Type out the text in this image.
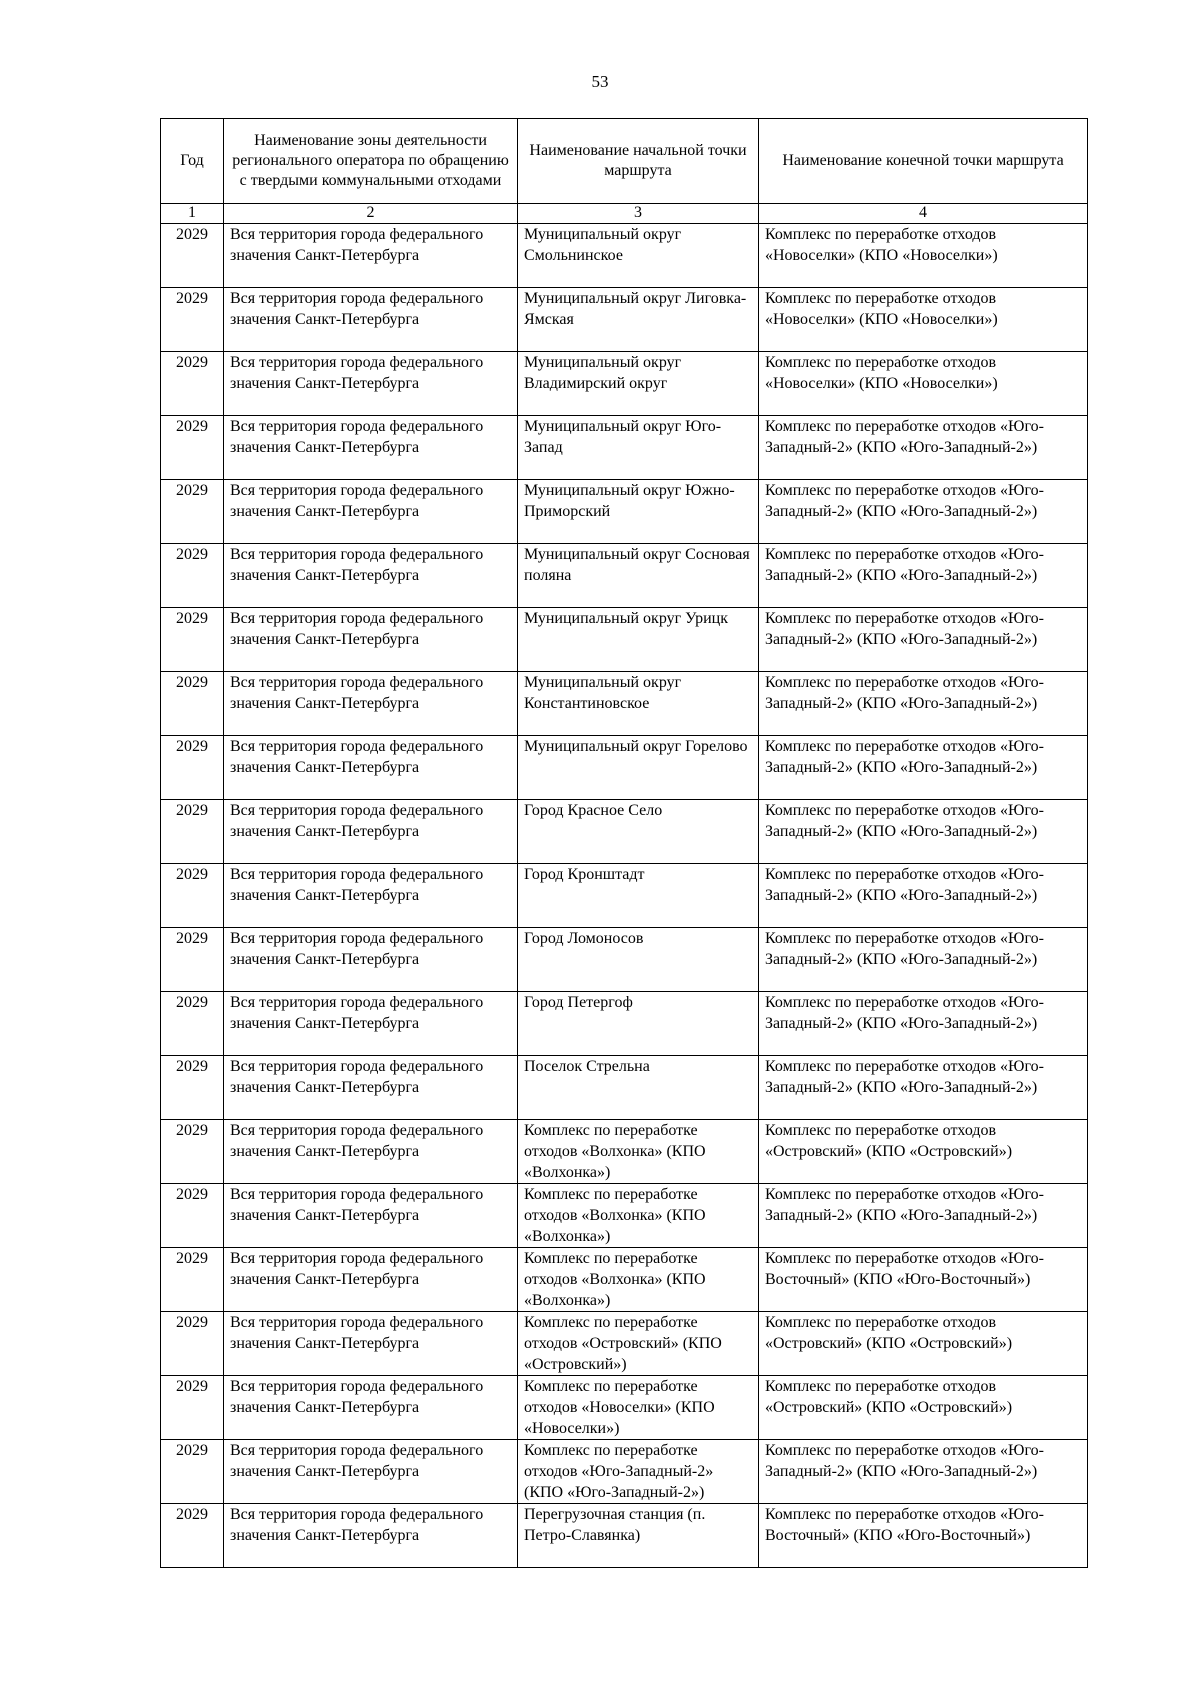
53
Год	Наименование зоны деятельности регионального оператора по обращению с твердыми коммунальными отходами	Наименование начальной точки маршрута	Наименование конечной точки маршрута
1	2	3	4
2029	Вся территория города федерального значения Санкт-Петербурга	Муниципальный округ Смольнинское	Комплекс по переработке отходов «Новоселки» (КПО «Новоселки»)
2029	Вся территория города федерального значения Санкт-Петербурга	Муниципальный округ Лиговка-Ямская	Комплекс по переработке отходов «Новоселки» (КПО «Новоселки»)
2029	Вся территория города федерального значения Санкт-Петербурга	Муниципальный округ Владимирский округ	Комплекс по переработке отходов «Новоселки» (КПО «Новоселки»)
2029	Вся территория города федерального значения Санкт-Петербурга	Муниципальный округ Юго-Запад	Комплекс по переработке отходов «Юго-Западный-2» (КПО «Юго-Западный-2»)
2029	Вся территория города федерального значения Санкт-Петербурга	Муниципальный округ Южно-Приморский	Комплекс по переработке отходов «Юго-Западный-2» (КПО «Юго-Западный-2»)
2029	Вся территория города федерального значения Санкт-Петербурга	Муниципальный округ Сосновая поляна	Комплекс по переработке отходов «Юго-Западный-2» (КПО «Юго-Западный-2»)
2029	Вся территория города федерального значения Санкт-Петербурга	Муниципальный округ Урицк	Комплекс по переработке отходов «Юго-Западный-2» (КПО «Юго-Западный-2»)
2029	Вся территория города федерального значения Санкт-Петербурга	Муниципальный округ Константиновское	Комплекс по переработке отходов «Юго-Западный-2» (КПО «Юго-Западный-2»)
2029	Вся территория города федерального значения Санкт-Петербурга	Муниципальный округ Горелово	Комплекс по переработке отходов «Юго-Западный-2» (КПО «Юго-Западный-2»)
2029	Вся территория города федерального значения Санкт-Петербурга	Город Красное Село	Комплекс по переработке отходов «Юго-Западный-2» (КПО «Юго-Западный-2»)
2029	Вся территория города федерального значения Санкт-Петербурга	Город Кронштадт	Комплекс по переработке отходов «Юго-Западный-2» (КПО «Юго-Западный-2»)
2029	Вся территория города федерального значения Санкт-Петербурга	Город Ломоносов	Комплекс по переработке отходов «Юго-Западный-2» (КПО «Юго-Западный-2»)
2029	Вся территория города федерального значения Санкт-Петербурга	Город Петергоф	Комплекс по переработке отходов «Юго-Западный-2» (КПО «Юго-Западный-2»)
2029	Вся территория города федерального значения Санкт-Петербурга	Поселок Стрельна	Комплекс по переработке отходов «Юго-Западный-2» (КПО «Юго-Западный-2»)
2029	Вся территория города федерального значения Санкт-Петербурга	Комплекс по переработке отходов «Волхонка» (КПО «Волхонка»)	Комплекс по переработке отходов «Островский» (КПО «Островский»)
2029	Вся территория города федерального значения Санкт-Петербурга	Комплекс по переработке отходов «Волхонка» (КПО «Волхонка»)	Комплекс по переработке отходов «Юго-Западный-2» (КПО «Юго-Западный-2»)
2029	Вся территория города федерального значения Санкт-Петербурга	Комплекс по переработке отходов «Волхонка» (КПО «Волхонка»)	Комплекс по переработке отходов «Юго-Восточный» (КПО «Юго-Восточный»)
2029	Вся территория города федерального значения Санкт-Петербурга	Комплекс по переработке отходов «Островский» (КПО «Островский»)	Комплекс по переработке отходов «Островский» (КПО «Островский»)
2029	Вся территория города федерального значения Санкт-Петербурга	Комплекс по переработке отходов «Новоселки» (КПО «Новоселки»)	Комплекс по переработке отходов «Островский» (КПО «Островский»)
2029	Вся территория города федерального значения Санкт-Петербурга	Комплекс по переработке отходов «Юго-Западный-2» (КПО «Юго-Западный-2»)	Комплекс по переработке отходов «Юго-Западный-2» (КПО «Юго-Западный-2»)
2029	Вся территория города федерального значения Санкт-Петербурга	Перегрузочная станция (п. Петро-Славянка)	Комплекс по переработке отходов «Юго-Восточный» (КПО «Юго-Восточный»)
